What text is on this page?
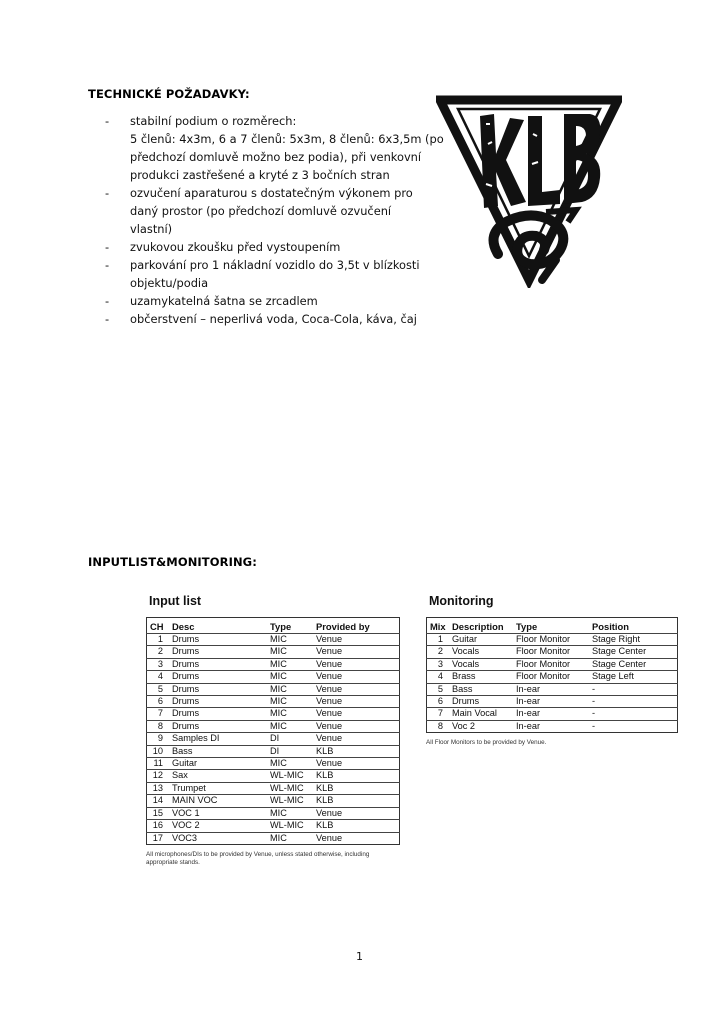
TECHNICKÉ POŽADAVKY:
- stabilní podium o rozměrech:
5 členů: 4x3m, 6 a 7 členů: 5x3m, 8 členů: 6x3,5m (po
předchozí domluvě možno bez podia), při venkovní
produkci zastřešené a kryté z 3 bočních stran
- ozvučení aparaturou s dostatečným výkonem pro
daný prostor (po předchozí domluvě ozvučení
vlastní)
- zvukovou zkoušku před vystoupením
- parkování pro 1 nákladní vozidlo do 3,5t v blízkosti
objektu/podia
- uzamykatelná šatna se zrcadlem
- občerstvení – neperlivá voda, Coca-Cola, káva, čaj
INPUTLIST&MONITORING:
Input list
CH	Desc	Type	Provided by
1	Drums	MIC	Venue
2	Drums	MIC	Venue
3	Drums	MIC	Venue
4	Drums	MIC	Venue
5	Drums	MIC	Venue
6	Drums	MIC	Venue
7	Drums	MIC	Venue
8	Drums	MIC	Venue
9	Samples DI	DI	Venue
10	Bass	DI	KLB
11	Guitar	MIC	Venue
12	Sax	WL-MIC	KLB
13	Trumpet	WL-MIC	KLB
14	MAIN VOC	WL-MIC	KLB
15	VOC 1	MIC	Venue
16	VOC 2	WL-MIC	KLB
17	VOC3	MIC	Venue
All microphones/DIs to be provided by Venue, unless stated otherwise, including appropriate stands.
Monitoring
Mix	Description	Type	Position
1	Guitar	Floor Monitor	Stage Right
2	Vocals	Floor Monitor	Stage Center
3	Vocals	Floor Monitor	Stage Center
4	Brass	Floor Monitor	Stage Left
5	Bass	In-ear	-
6	Drums	In-ear	-
7	Main Vocal	In-ear	-
8	Voc 2	In-ear	-
All Floor Monitors to be provided by Venue.
1
